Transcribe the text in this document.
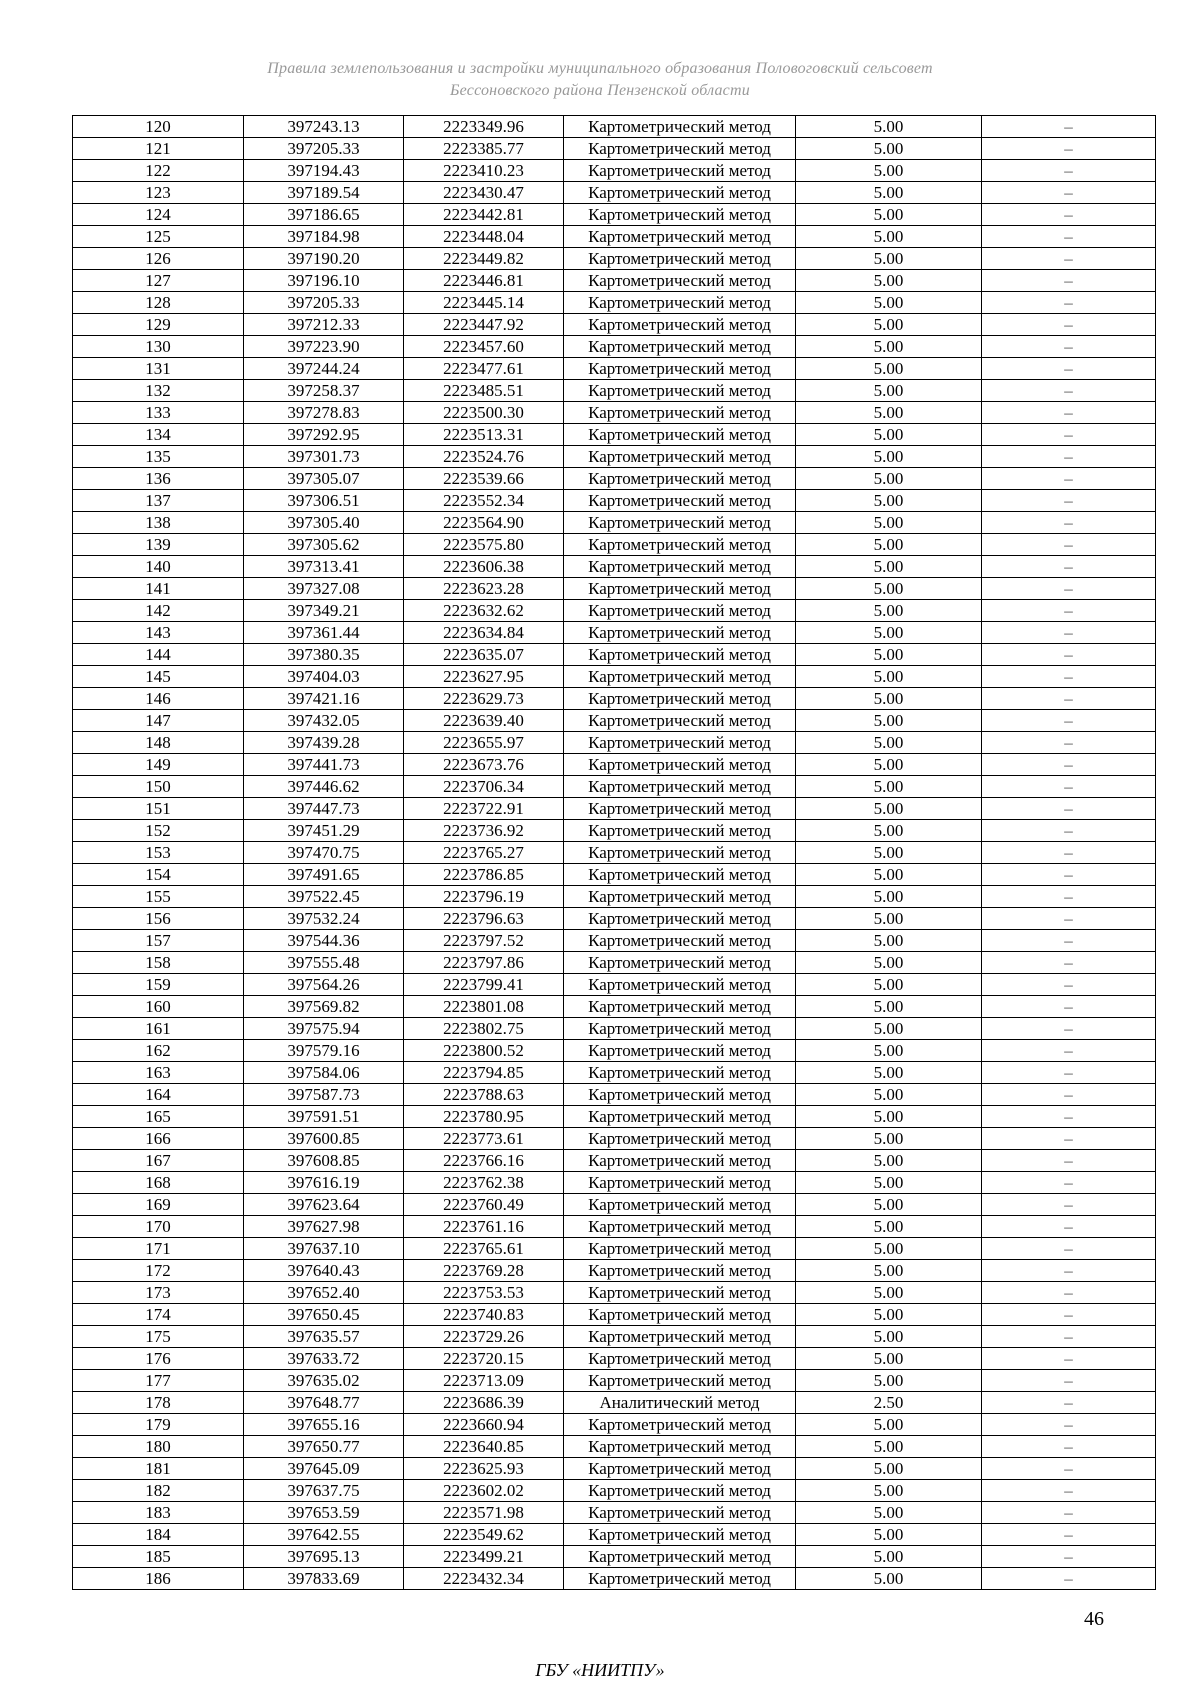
Правила землепользования и застройки муниципального образования Половоговский сельсовет
Бессоновского района Пензенской области
120	397243.13	2223349.96	Картометрический метод	5.00	–
121	397205.33	2223385.77	Картометрический метод	5.00	–
122	397194.43	2223410.23	Картометрический метод	5.00	–
123	397189.54	2223430.47	Картометрический метод	5.00	–
124	397186.65	2223442.81	Картометрический метод	5.00	–
125	397184.98	2223448.04	Картометрический метод	5.00	–
126	397190.20	2223449.82	Картометрический метод	5.00	–
127	397196.10	2223446.81	Картометрический метод	5.00	–
128	397205.33	2223445.14	Картометрический метод	5.00	–
129	397212.33	2223447.92	Картометрический метод	5.00	–
130	397223.90	2223457.60	Картометрический метод	5.00	–
131	397244.24	2223477.61	Картометрический метод	5.00	–
132	397258.37	2223485.51	Картометрический метод	5.00	–
133	397278.83	2223500.30	Картометрический метод	5.00	–
134	397292.95	2223513.31	Картометрический метод	5.00	–
135	397301.73	2223524.76	Картометрический метод	5.00	–
136	397305.07	2223539.66	Картометрический метод	5.00	–
137	397306.51	2223552.34	Картометрический метод	5.00	–
138	397305.40	2223564.90	Картометрический метод	5.00	–
139	397305.62	2223575.80	Картометрический метод	5.00	–
140	397313.41	2223606.38	Картометрический метод	5.00	–
141	397327.08	2223623.28	Картометрический метод	5.00	–
142	397349.21	2223632.62	Картометрический метод	5.00	–
143	397361.44	2223634.84	Картометрический метод	5.00	–
144	397380.35	2223635.07	Картометрический метод	5.00	–
145	397404.03	2223627.95	Картометрический метод	5.00	–
146	397421.16	2223629.73	Картометрический метод	5.00	–
147	397432.05	2223639.40	Картометрический метод	5.00	–
148	397439.28	2223655.97	Картометрический метод	5.00	–
149	397441.73	2223673.76	Картометрический метод	5.00	–
150	397446.62	2223706.34	Картометрический метод	5.00	–
151	397447.73	2223722.91	Картометрический метод	5.00	–
152	397451.29	2223736.92	Картометрический метод	5.00	–
153	397470.75	2223765.27	Картометрический метод	5.00	–
154	397491.65	2223786.85	Картометрический метод	5.00	–
155	397522.45	2223796.19	Картометрический метод	5.00	–
156	397532.24	2223796.63	Картометрический метод	5.00	–
157	397544.36	2223797.52	Картометрический метод	5.00	–
158	397555.48	2223797.86	Картометрический метод	5.00	–
159	397564.26	2223799.41	Картометрический метод	5.00	–
160	397569.82	2223801.08	Картометрический метод	5.00	–
161	397575.94	2223802.75	Картометрический метод	5.00	–
162	397579.16	2223800.52	Картометрический метод	5.00	–
163	397584.06	2223794.85	Картометрический метод	5.00	–
164	397587.73	2223788.63	Картометрический метод	5.00	–
165	397591.51	2223780.95	Картометрический метод	5.00	–
166	397600.85	2223773.61	Картометрический метод	5.00	–
167	397608.85	2223766.16	Картометрический метод	5.00	–
168	397616.19	2223762.38	Картометрический метод	5.00	–
169	397623.64	2223760.49	Картометрический метод	5.00	–
170	397627.98	2223761.16	Картометрический метод	5.00	–
171	397637.10	2223765.61	Картометрический метод	5.00	–
172	397640.43	2223769.28	Картометрический метод	5.00	–
173	397652.40	2223753.53	Картометрический метод	5.00	–
174	397650.45	2223740.83	Картометрический метод	5.00	–
175	397635.57	2223729.26	Картометрический метод	5.00	–
176	397633.72	2223720.15	Картометрический метод	5.00	–
177	397635.02	2223713.09	Картометрический метод	5.00	–
178	397648.77	2223686.39	Аналитический метод	2.50	–
179	397655.16	2223660.94	Картометрический метод	5.00	–
180	397650.77	2223640.85	Картометрический метод	5.00	–
181	397645.09	2223625.93	Картометрический метод	5.00	–
182	397637.75	2223602.02	Картометрический метод	5.00	–
183	397653.59	2223571.98	Картометрический метод	5.00	–
184	397642.55	2223549.62	Картометрический метод	5.00	–
185	397695.13	2223499.21	Картометрический метод	5.00	–
186	397833.69	2223432.34	Картометрический метод	5.00	–
46
ГБУ «НИИТПУ»
